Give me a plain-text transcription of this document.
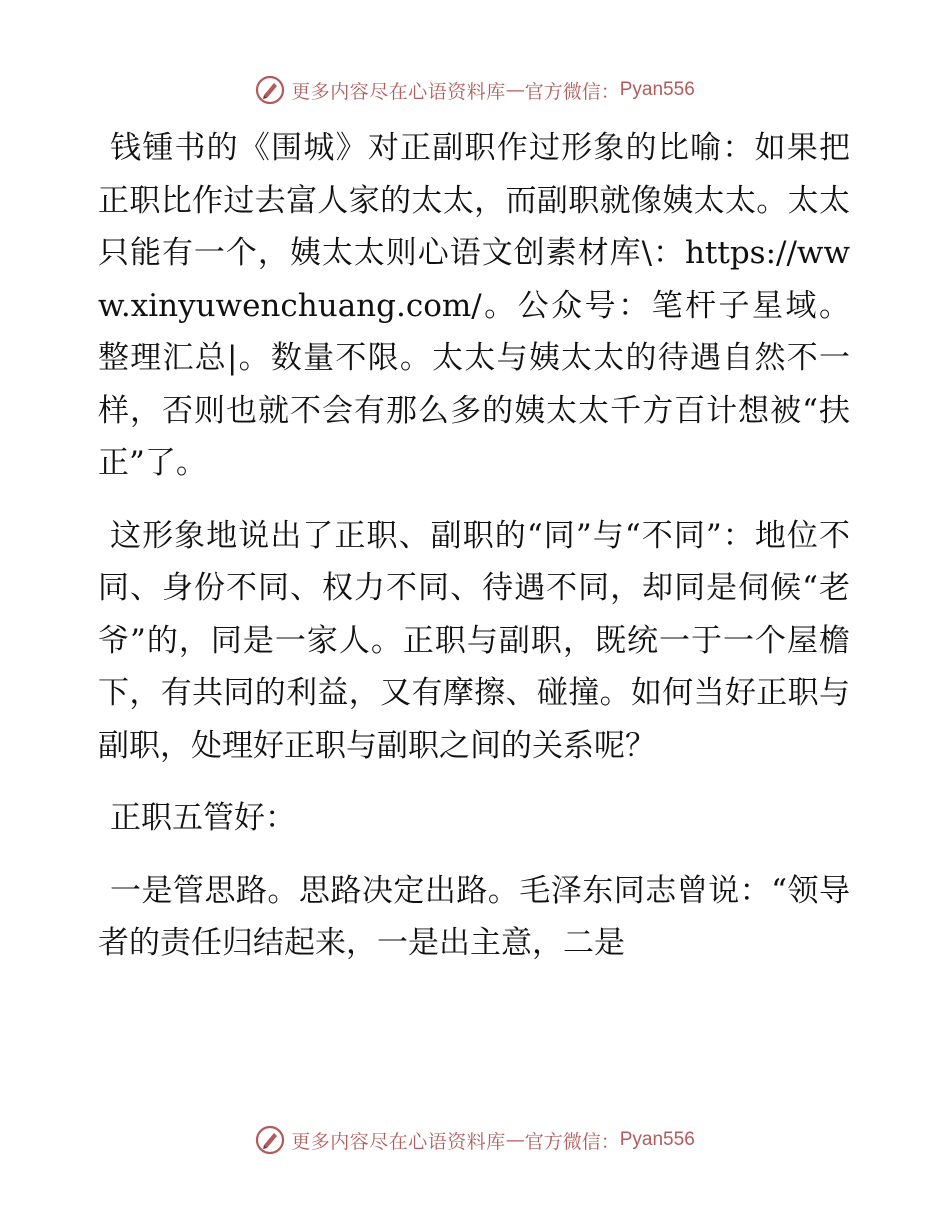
更多内容尽在心语资料库 — 官方微信： Pyan556

钱锺书的《围城》对正副职作过形象的比喻：如果把正职比作过去富人家的太太，而副职就像姨太太。太太只能有一个，姨太太则心语文创素材库\：https://www.xinyuwenchuang.com/。公众号：笔杆子星域。整理汇总|。数量不限。太太与姨太太的待遇自然不一样，否则也就不会有那么多的姨太太千方百计想被“扶正”了。

这形象地说出了正职、副职的“同”与“不同”：地位不同、身份不同、权力不同、待遇不同，却同是伺候“老爷”的，同是一家人。正职与副职，既统一于一个屋檐下，有共同的利益，又有摩擦、碰撞。如何当好正职与副职，处理好正职与副职之间的关系呢？

正职五管好：

一是管思路。思路决定出路。毛泽东同志曾说：“领导者的责任归结起来，一是出主意，二是

更多内容尽在心语资料库 — 官方微信： Pyan556
